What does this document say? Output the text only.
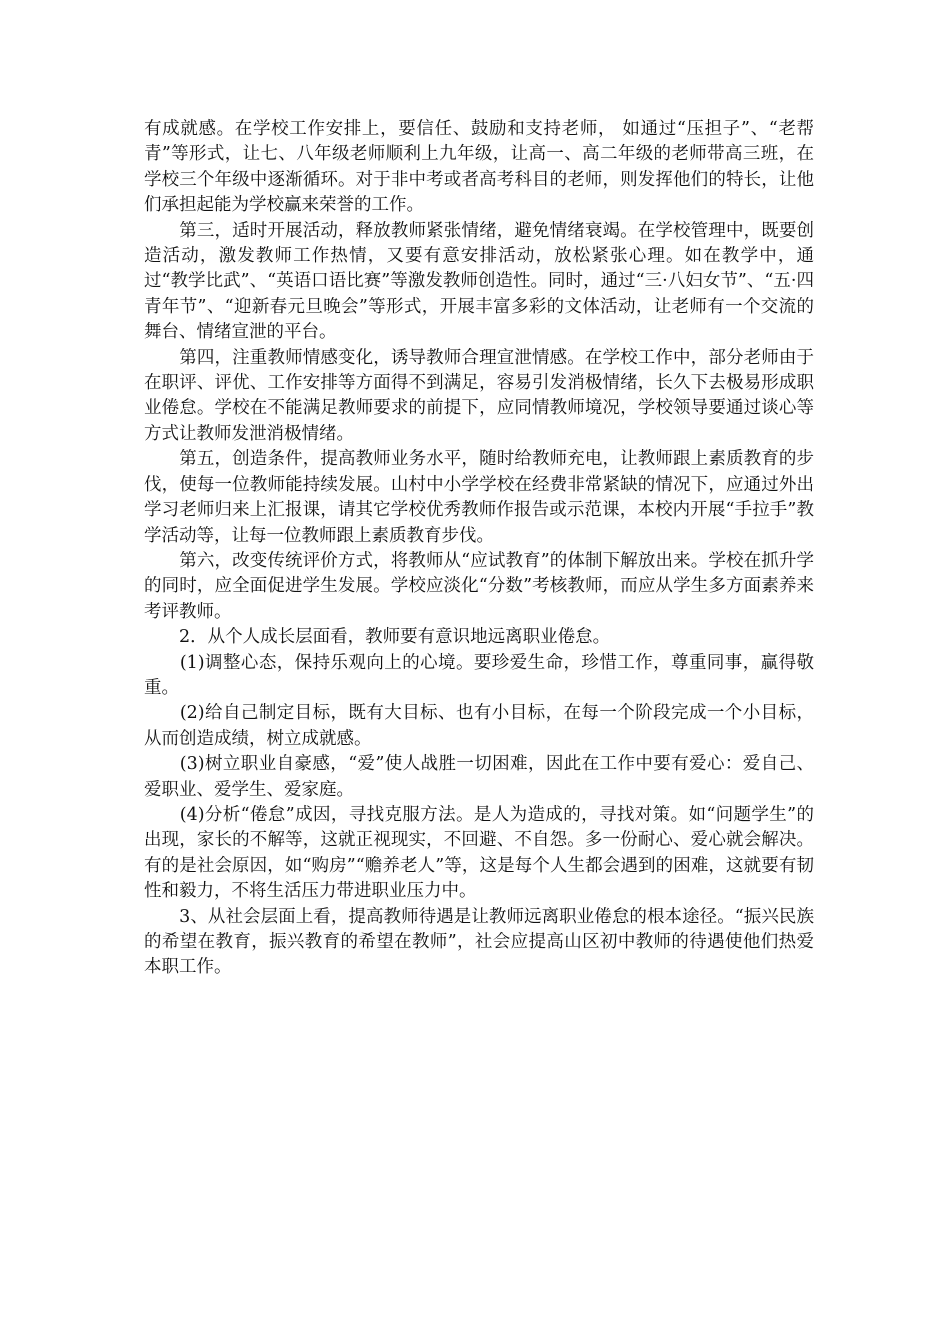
有成就感。在学校工作安排上，要信任、鼓励和支持老师， 如通过“压担子”、“老帮青”等形式，让七、八年级老师顺利上九年级，让高一、高二年级的老师带高三班，在学校三个年级中逐渐循环。对于非中考或者高考科目的老师，则发挥他们的特长，让他们承担起能为学校赢来荣誉的工作。

　　第三，适时开展活动，释放教师紧张情绪，避免情绪衰竭。在学校管理中，既要创造活动，激发教师工作热情，又要有意安排活动，放松紧张心理。如在教学中，通过“教学比武”、“英语口语比赛”等激发教师创造性。同时，通过“三·八妇女节”、“五·四青年节”、“迎新春元旦晚会”等形式，开展丰富多彩的文体活动，让老师有一个交流的舞台、情绪宣泄的平台。

　　第四，注重教师情感变化，诱导教师合理宣泄情感。在学校工作中，部分老师由于在职评、评优、工作安排等方面得不到满足，容易引发消极情绪，长久下去极易形成职业倦怠。学校在不能满足教师要求的前提下，应同情教师境况，学校领导要通过谈心等方式让教师发泄消极情绪。

　　第五，创造条件，提高教师业务水平，随时给教师充电，让教师跟上素质教育的步伐，使每一位教师能持续发展。山村中小学学校在经费非常紧缺的情况下，应通过外出学习老师归来上汇报课，请其它学校优秀教师作报告或示范课，本校内开展“手拉手”教学活动等，让每一位教师跟上素质教育步伐。

　　第六，改变传统评价方式，将教师从“应试教育”的体制下解放出来。学校在抓升学的同时，应全面促进学生发展。学校应淡化“分数”考核教师，而应从学生多方面素养来考评教师。

　　2．从个人成长层面看，教师要有意识地远离职业倦怠。

　　(1)调整心态，保持乐观向上的心境。要珍爱生命，珍惜工作，尊重同事，赢得敬重。

　　(2)给自己制定目标，既有大目标、也有小目标，在每一个阶段完成一个小目标，从而创造成绩，树立成就感。

　　(3)树立职业自豪感，“爱”使人战胜一切困难，因此在工作中要有爱心：爱自己、爱职业、爱学生、爱家庭。

　　(4)分析“倦怠”成因，寻找克服方法。是人为造成的，寻找对策。如“问题学生”的出现，家长的不解等，这就正视现实，不回避、不自怨。多一份耐心、爱心就会解决。有的是社会原因，如“购房”“赡养老人”等，这是每个人生都会遇到的困难，这就要有韧性和毅力，不将生活压力带进职业压力中。

　　3、从社会层面上看，提高教师待遇是让教师远离职业倦怠的根本途径。“振兴民族的希望在教育，振兴教育的希望在教师”，社会应提高山区初中教师的待遇使他们热爱本职工作。
